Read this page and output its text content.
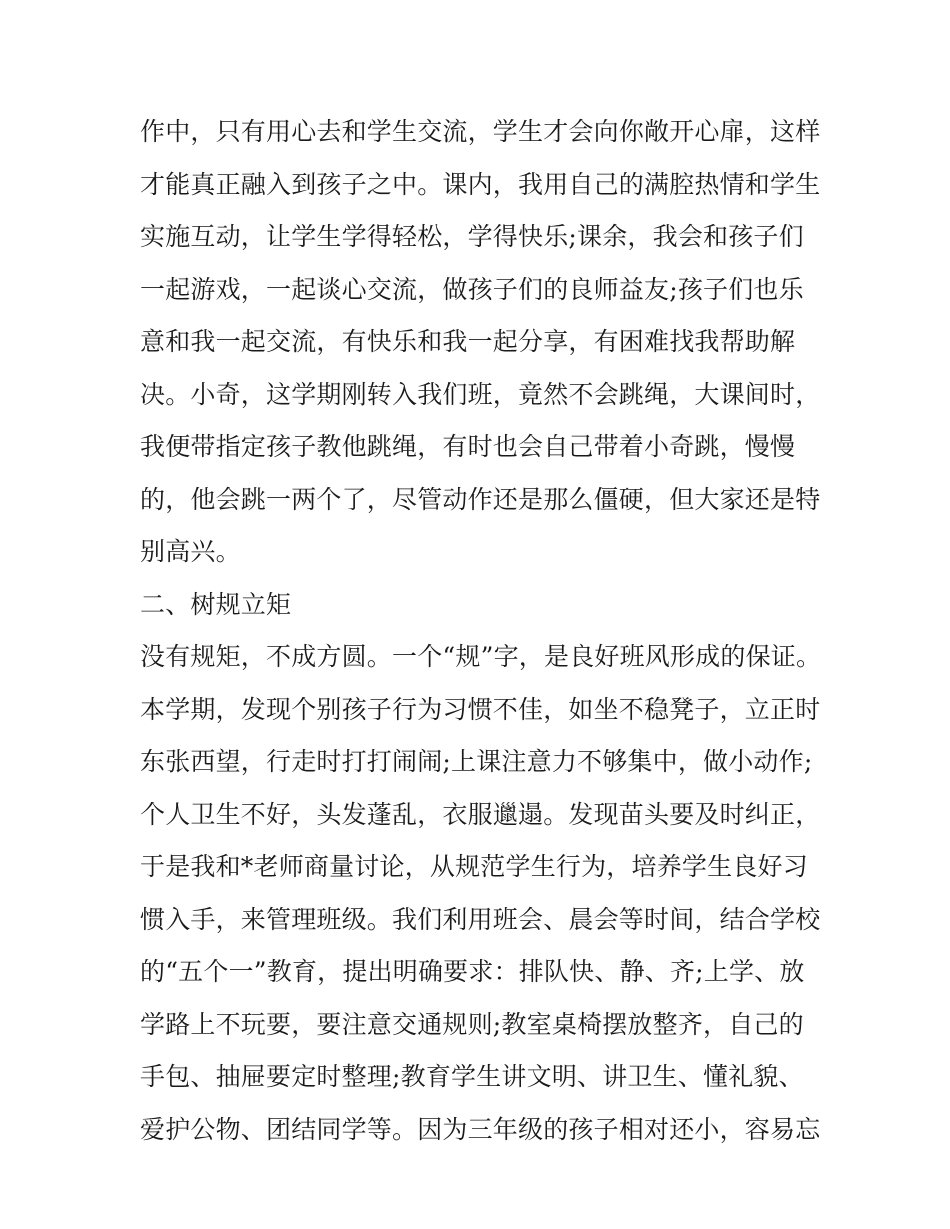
作中，只有用心去和学生交流，学生才会向你敞开心扉，这样
才能真正融入到孩子之中。课内，我用自己的满腔热情和学生
实施互动，让学生学得轻松，学得快乐;课余，我会和孩子们
一起游戏，一起谈心交流，做孩子们的良师益友;孩子们也乐
意和我一起交流，有快乐和我一起分享，有困难找我帮助解
决。小奇，这学期刚转入我们班，竟然不会跳绳，大课间时，
我便带指定孩子教他跳绳，有时也会自己带着小奇跳，慢慢
的，他会跳一两个了，尽管动作还是那么僵硬，但大家还是特
别高兴。
二、树规立矩
没有规矩，不成方圆。一个“规”字，是良好班风形成的保证。
本学期，发现个别孩子行为习惯不佳，如坐不稳凳子，立正时
东张西望，行走时打打闹闹;上课注意力不够集中，做小动作;
个人卫生不好，头发蓬乱，衣服邋遢。发现苗头要及时纠正，
于是我和*老师商量讨论，从规范学生行为，培养学生良好习
惯入手，来管理班级。我们利用班会、晨会等时间，结合学校
的“五个一”教育，提出明确要求：排队快、静、齐;上学、放
学路上不玩要，要注意交通规则;教室桌椅摆放整齐，自己的
手包、抽屉要定时整理;教育学生讲文明、讲卫生、懂礼貌、
爱护公物、团结同学等。因为三年级的孩子相对还小，容易忘
